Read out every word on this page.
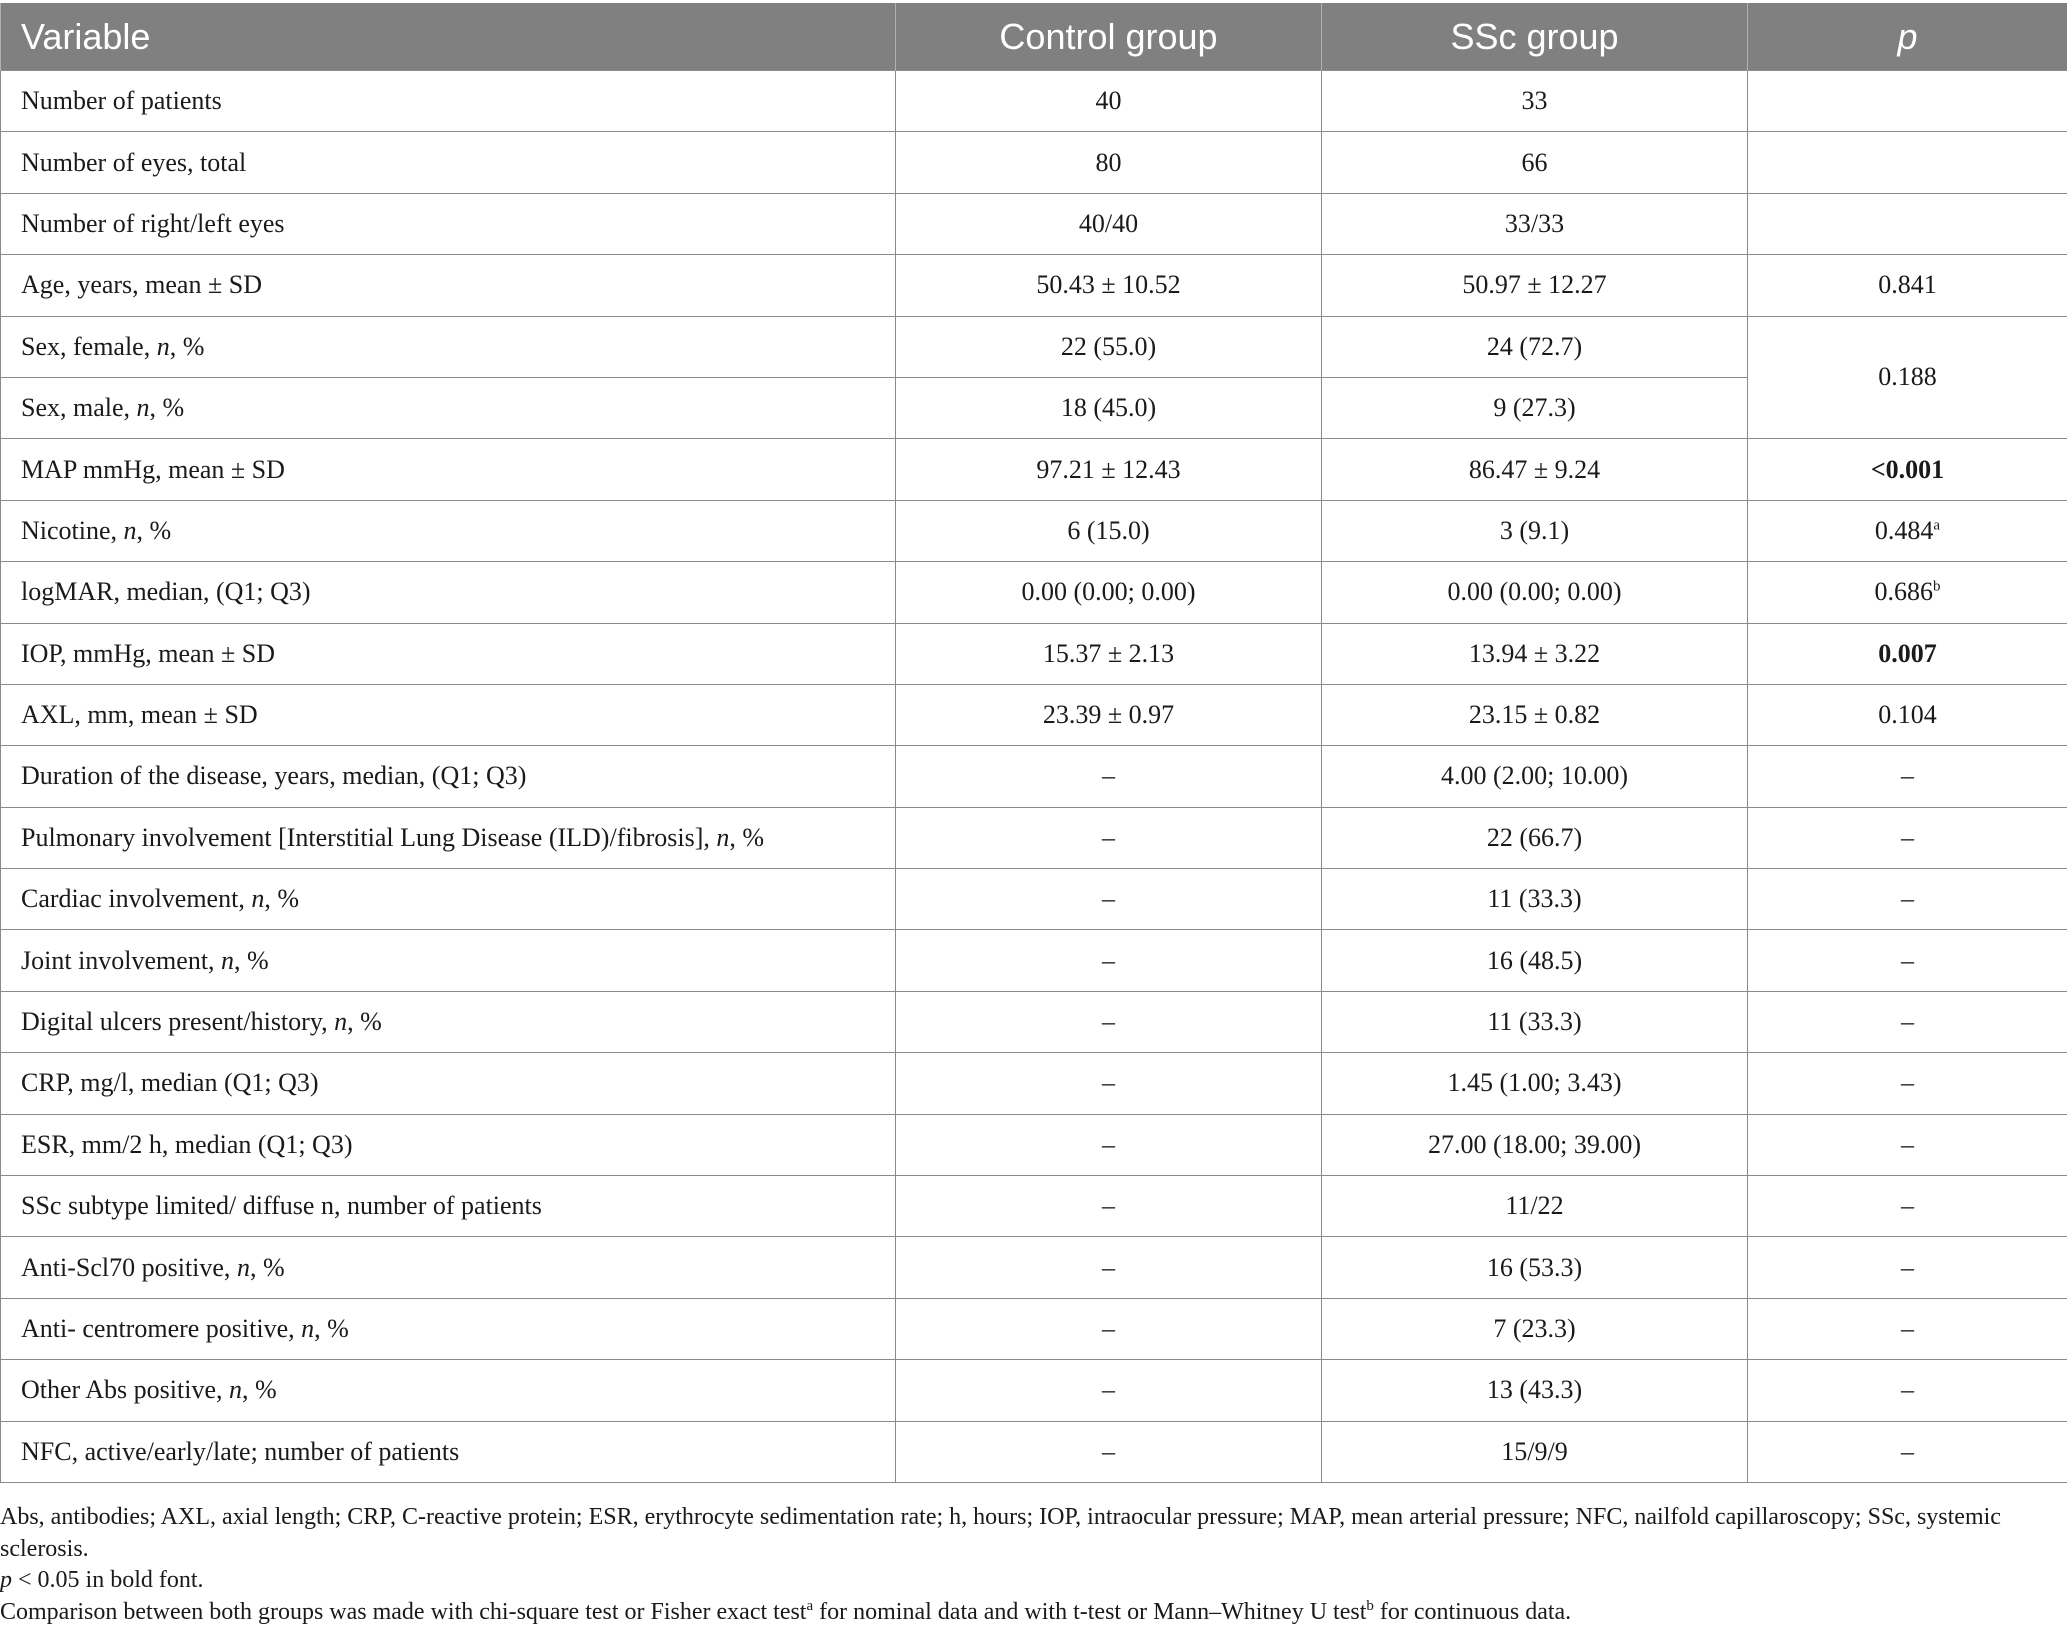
Variable	Control group	SSc group	p
Number of patients	40	33	
Number of eyes, total	80	66	
Number of right/left eyes	40/40	33/33	
Age, years, mean ± SD	50.43 ± 10.52	50.97 ± 12.27	0.841
Sex, female, n, %	22 (55.0)	24 (72.7)	0.188
Sex, male, n, %	18 (45.0)	9 (27.3)	
MAP mmHg, mean ± SD	97.21 ± 12.43	86.47 ± 9.24	<0.001
Nicotine, n, %	6 (15.0)	3 (9.1)	0.484$^a$
logMAR, median, (Q1; Q3)	0.00 (0.00; 0.00)	0.00 (0.00; 0.00)	0.686$^b$
IOP, mmHg, mean ± SD	15.37 ± 2.13	13.94 ± 3.22	0.007
AXL, mm, mean ± SD	23.39 ± 0.97	23.15 ± 0.82	0.104
Duration of the disease, years, median, (Q1; Q3)	–	4.00 (2.00; 10.00)	–
Pulmonary involvement [Interstitial Lung Disease (ILD)/fibrosis], n, %	–	22 (66.7)	–
Cardiac involvement, n, %	–	11 (33.3)	–
Joint involvement, n, %	–	16 (48.5)	–
Digital ulcers present/history, n, %	–	11 (33.3)	–
CRP, mg/l, median (Q1; Q3)	–	1.45 (1.00; 3.43)	–
ESR, mm/2 h, median (Q1; Q3)	–	27.00 (18.00; 39.00)	–
SSc subtype limited/ diffuse n, number of patients	–	11/22	–
Anti-Scl70 positive, n, %	–	16 (53.3)	–
Anti- centromere positive, n, %	–	7 (23.3)	–
Other Abs positive, n, %	–	13 (43.3)	–
NFC, active/early/late; number of patients	–	15/9/9	–

Abs, antibodies; AXL, axial length; CRP, C-reactive protein; ESR, erythrocyte sedimentation rate; h, hours; IOP, intraocular pressure; MAP, mean arterial pressure; NFC, nailfold capillaroscopy; SSc, systemic sclerosis.

p < 0.05 in bold font.

Comparison between both groups was made with chi-square test or Fisher exact test$^a$ for nominal data and with t-test or Mann–Whitney U test$^b$ for continuous data.
